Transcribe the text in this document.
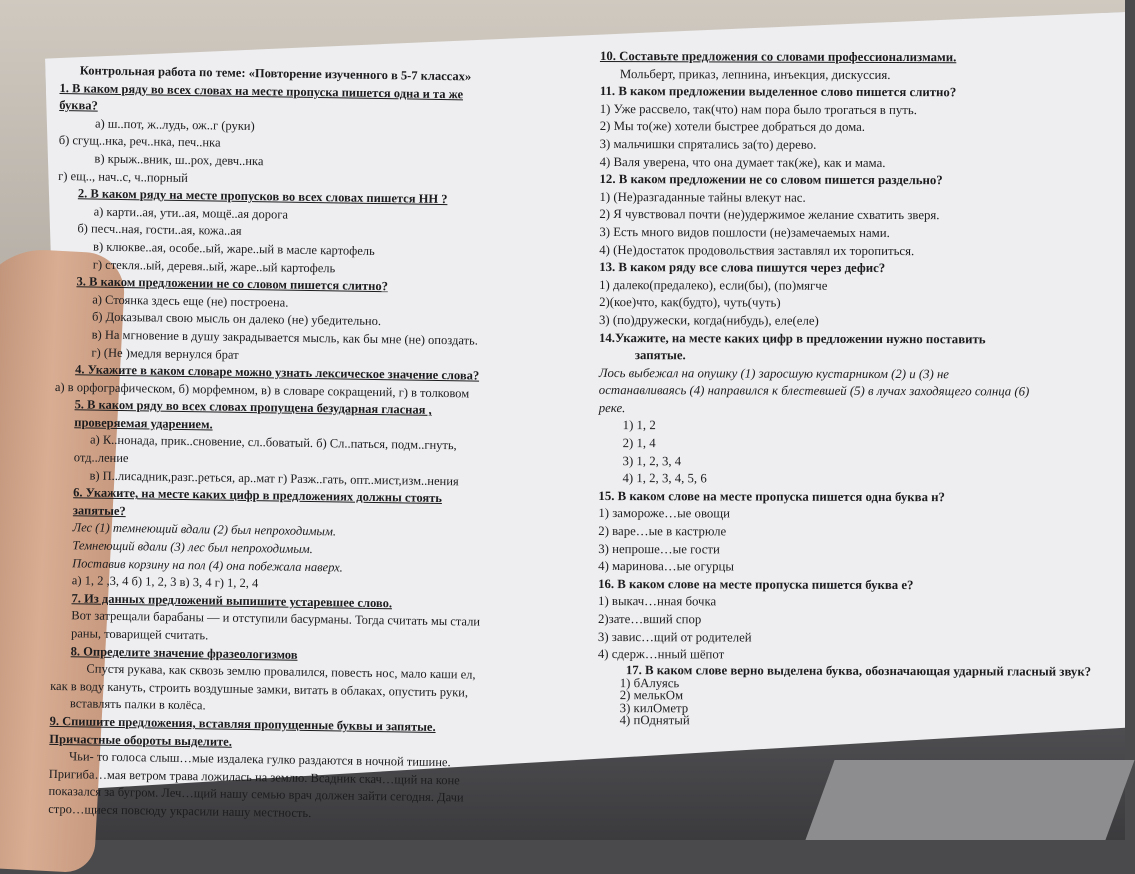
Контрольная работа по теме: «Повторение изученного в 5-7 классах»
1. В каком ряду во всех словах на месте пропуска пишется одна и та же
буква?
а) ш..пот, ж..лудь, ож..г (руки)
б) сгущ..нка, реч..нка, печ..нка
в) крыж..вник, ш..рох, девч..нка
г) ещ.., нач..с, ч..порный
2. В каком ряду на месте пропусков во всех словах пишется НН ?
а) карти..ая, ути..ая, мощё..ая дорога
б) песч..ная, гости..ая, кожа..ая
в) клюкве..ая, особе..ый, жаре..ый в масле картофель
г) стекля..ый, деревя..ый, жаре..ый картофель
3. В каком предложении не со словом пишется слитно?
а) Стоянка здесь еще (не) построена.
б) Доказывал свою мысль он далеко (не) убедительно.
в) На мгновение в душу закрадывается мысль, как бы мне (не) опоздать.
г) (Не )медля вернулся брат
4. Укажите в каком словаре можно узнать лексическое значение слова?
а) в орфографическом, б) морфемном, в) в словаре сокращений, г) в толковом
5. В каком ряду во всех словах пропущена безударная гласная ,
проверяемая ударением.
а) К..нонада, прик..сновение, сл..боватый. б) Сл..паться, подм..гнуть,
отд..ление
в) П..лисадник,разг..реться, ар..мат г) Разж..гать, опт..мист,изм..нения
6. Укажите, на месте каких цифр в предложениях должны стоять
запятые?
Лес (1) темнеющий вдали (2) был непроходимым.
Темнеющий вдали (3) лес был непроходимым.
Поставив корзину на пол (4) она побежала наверх.
а) 1, 2 ,3, 4 б) 1, 2, 3 в) 3, 4 г) 1, 2, 4
7. Из данных предложений выпишите устаревшее слово.
Вот затрещали барабаны — и отступили басурманы. Тогда считать мы стали
раны, товарищей считать.
8. Определите значение фразеологизмов
Спустя рукава, как сквозь землю провалился, повесть нос, мало каши ел,
как в воду кануть, строить воздушные замки, витать в облаках, опустить руки,
вставлять палки в колёса.
9. Спишите предложения, вставляя пропущенные буквы и запятые.
Причастные обороты выделите.
Чьи- то голоса слыш…мые издалека гулко раздаются в ночной тишине.
Пригиба…мая ветром трава ложилась на землю. Всадник скач…щий на коне
показался за бугром. Леч…щий нашу семью врач должен зайти сегодня. Дачи
стро…щиеся повсюду украсили нашу местность.
10. Составьте предложения со словами профессионализмами.
Мольберт, приказ, лепнина, инъекция, дискуссия.
11. В каком предложении выделенное слово пишется слитно?
1) Уже рассвело, так(что) нам пора было трогаться в путь.
2) Мы то(же) хотели быстрее добраться до дома.
3) мальчишки спрятались за(то) дерево.
4) Валя уверена, что она думает так(же), как и мама.
12. В каком предложении не со словом пишется раздельно?
1) (Не)разгаданные тайны влекут нас.
2) Я чувствовал почти (не)удержимое желание схватить зверя.
3) Есть много видов пошлости (не)замечаемых нами.
4) (Не)достаток продовольствия заставлял их торопиться.
13. В каком ряду все слова пишутся через дефис?
1) далеко(предалеко), если(бы), (по)мягче
2)(кое)что, как(будто), чуть(чуть)
3) (по)дружески, когда(нибудь), еле(еле)
14.Укажите, на месте каких цифр в предложении нужно поставить
запятые.
Лось выбежал на опушку (1) заросшую кустарником (2) и (3) не
останавливаясь (4) направился к блестевшей (5) в лучах заходящего солнца (6)
реке.
1) 1, 2
2) 1, 4
3) 1, 2, 3, 4
4) 1, 2, 3, 4, 5, 6
15. В каком слове на месте пропуска пишется одна буква н?
1) замороже…ые овощи
2) варе…ые в кастрюле
3) непроше…ые гости
4) маринова…ые огурцы
16. В каком слове на месте пропуска пишется буква е?
1) выкач…нная бочка
2)зате…вший спор
3) завис…щий от родителей
4) сдерж…нный шёпот
17. В каком слове верно выделена буква, обозначающая ударный гласный звук?
1) бАлуясь
2) мелькОм
3) килОметр
4) пОднятый
